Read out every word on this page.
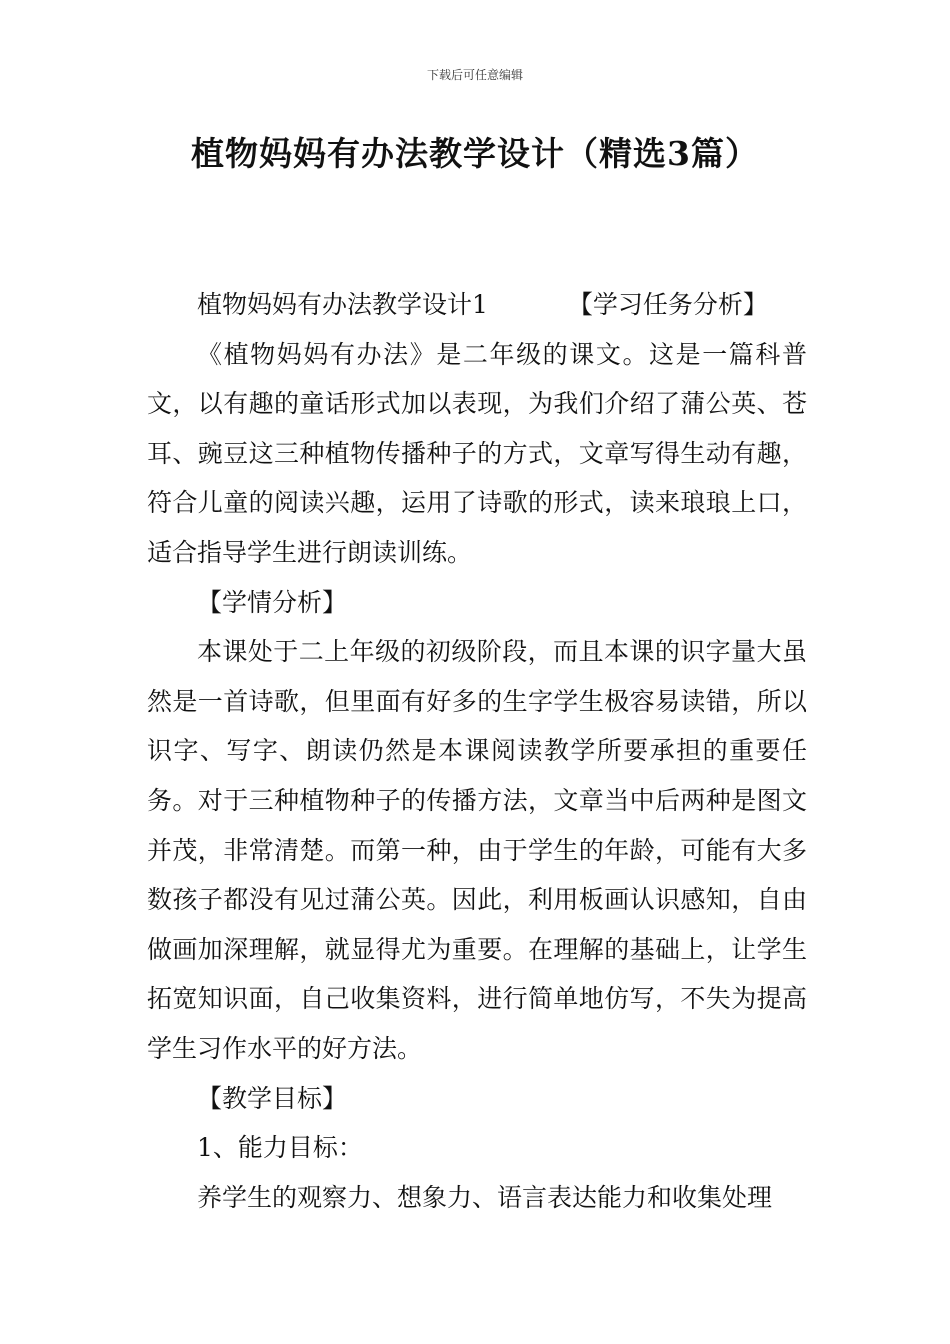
下载后可任意编辑
植物妈妈有办法教学设计（精选3篇）

植物妈妈有办法教学设计1	【学习任务分析】

《植物妈妈有办法》是二年级的课文。这是一篇科普文，以有趣的童话形式加以表现，为我们介绍了蒲公英、苍耳、豌豆这三种植物传播种子的方式，文章写得生动有趣，符合儿童的阅读兴趣，运用了诗歌的形式，读来琅琅上口，适合指导学生进行朗读训练。

【学情分析】

本课处于二上年级的初级阶段，而且本课的识字量大虽然是一首诗歌，但里面有好多的生字学生极容易读错，所以识字、写字、朗读仍然是本课阅读教学所要承担的重要任务。对于三种植物种子的传播方法，文章当中后两种是图文并茂，非常清楚。而第一种，由于学生的年龄，可能有大多数孩子都没有见过蒲公英。因此，利用板画认识感知，自由做画加深理解，就显得尤为重要。在理解的基础上，让学生拓宽知识面，自己收集资料，进行简单地仿写，不失为提高学生习作水平的好方法。

【教学目标】

1、能力目标：

养学生的观察力、想象力、语言表达能力和收集处理
